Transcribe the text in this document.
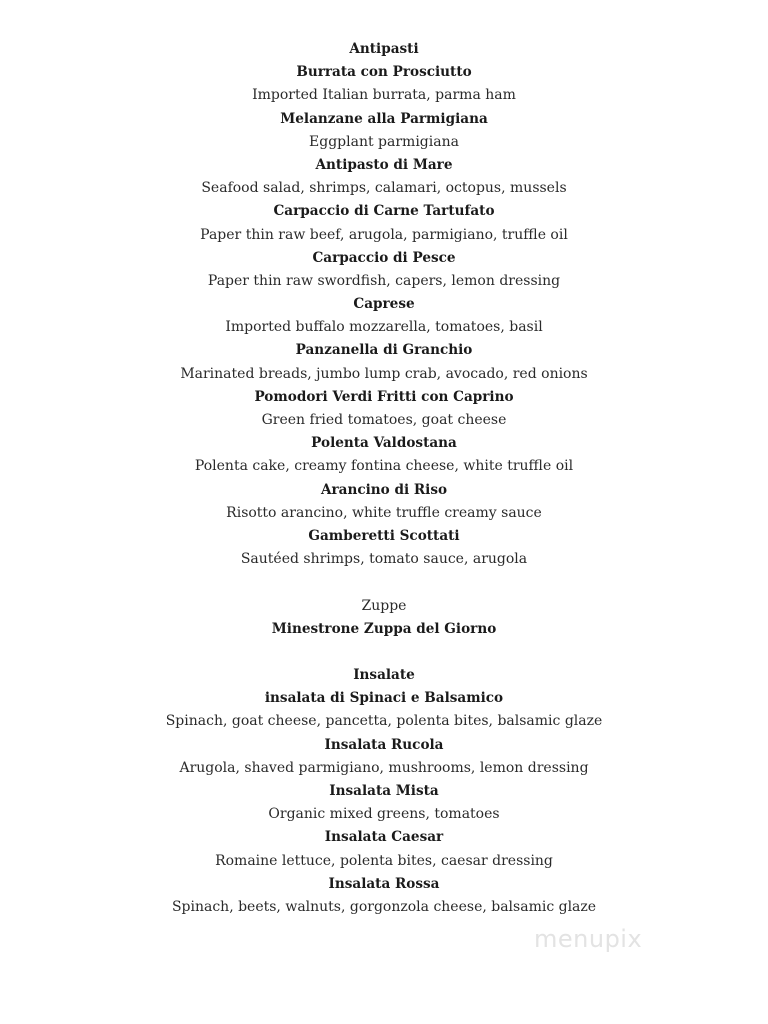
Antipasti
Burrata con Prosciutto
Imported Italian burrata, parma ham
Melanzane alla Parmigiana
Eggplant parmigiana
Antipasto di Mare
Seafood salad, shrimps, calamari, octopus, mussels
Carpaccio di Carne Tartufato
Paper thin raw beef, arugola, parmigiano, truffle oil
Carpaccio di Pesce
Paper thin raw swordfish, capers, lemon dressing
Caprese
Imported buffalo mozzarella, tomatoes, basil
Panzanella di Granchio
Marinated breads, jumbo lump crab, avocado, red onions
Pomodori Verdi Fritti con Caprino
Green fried tomatoes, goat cheese
Polenta Valdostana
Polenta cake, creamy fontina cheese, white truffle oil
Arancino di Riso
Risotto arancino, white truffle creamy sauce
Gamberetti Scottati
Sautéed shrimps, tomato sauce, arugola
Zuppe
Minestrone Zuppa del Giorno
Insalate
insalata di Spinaci e Balsamico
Spinach, goat cheese, pancetta, polenta bites, balsamic glaze
Insalata Rucola
Arugola, shaved parmigiano, mushrooms, lemon dressing
Insalata Mista
Organic mixed greens, tomatoes
Insalata Caesar
Romaine lettuce, polenta bites, caesar dressing
Insalata Rossa
Spinach, beets, walnuts, gorgonzola cheese, balsamic glaze
menupix
